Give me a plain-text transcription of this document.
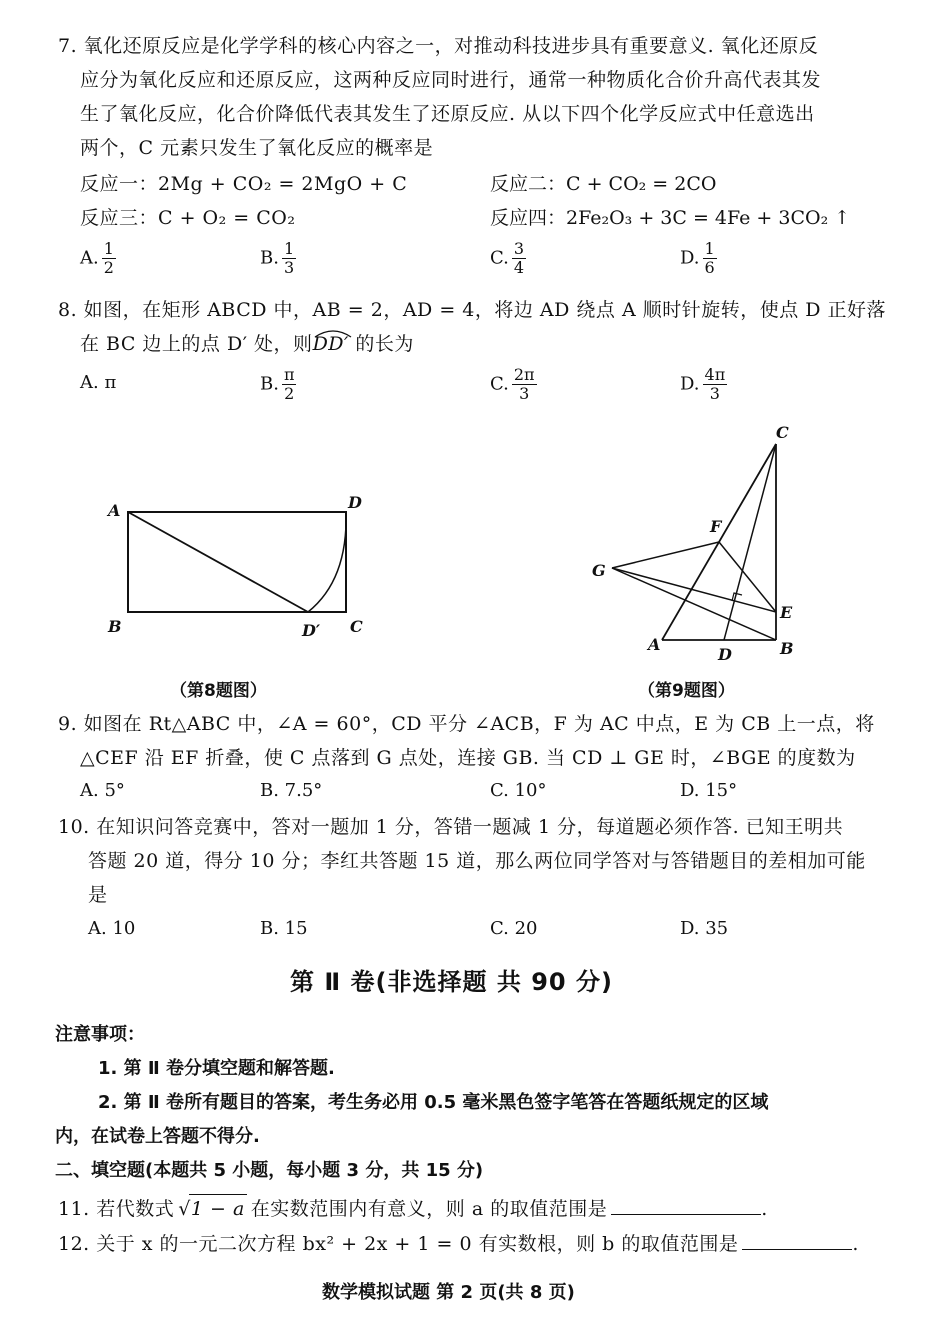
7. 氧化还原反应是化学学科的核心内容之一，对推动科技进步具有重要意义. 氧化还原反
应分为氧化反应和还原反应，这两种反应同时进行，通常一种物质化合价升高代表其发
生了氧化反应，化合价降低代表其发生了还原反应. 从以下四个化学反应式中任意选出
两个，C 元素只发生了氧化反应的概率是
反应一：2Mg + CO₂ = 2MgO + C	反应二：C + CO₂ = 2CO
反应三：C + O₂ = CO₂	反应四：2Fe₂O₃ + 3C = 4Fe + 3CO₂ ↑
A. $\frac{1}{2}$	B. $\frac{1}{3}$	C. $\frac{3}{4}$	D. $\frac{1}{6}$
8. 如图，在矩形 ABCD 中，AB = 2，AD = 4，将边 AD 绕点 A 顺时针旋转，使点 D 正好落
在 BC 边上的点 D′ 处，则
DD′ 的长为
A. π	B. $\frac{\pi}{2}$	C. $\frac{2\pi}{3}$	D. $\frac{4\pi}{3}$
A
B	C
D
D′
（第8题图）
C
F
G
E
A
D	B
（第9题图）
9. 如图在 Rt△ABC 中，∠A = 60°，CD 平分 ∠ACB，F 为 AC 中点，E 为 CB 上一点，将
△CEF 沿 EF 折叠，使 C 点落到 G 点处，连接 GB. 当 CD ⊥ GE 时，∠BGE 的度数为
A. 5°	B. 7.5°	C. 10°	D. 15°
10. 在知识问答竞赛中，答对一题加 1 分，答错一题减 1 分，每道题必须作答. 已知王明共
答题 20 道，得分 10 分；李红共答题 15 道，那么两位同学答对与答错题目的差相加可能
是
A. 10	B. 15	C. 20	D. 35
第 Ⅱ 卷(非选择题 共 90 分)
注意事项：
1. 第 Ⅱ 卷分填空题和解答题.
2. 第 Ⅱ 卷所有题目的答案，考生务必用 0.5 毫米黑色签字笔答在答题纸规定的区域
内，在试卷上答题不得分.
二、填空题(本题共 5 小题，每小题 3 分，共 15 分)
11. 若代数式 √1 − a 在实数范围内有意义，则 a 的取值范围是	.
12. 关于 x 的一元二次方程 bx² + 2x + 1 = 0 有实数根，则 b 的取值范围是	.
数学模拟试题 第 2 页(共 8 页)
